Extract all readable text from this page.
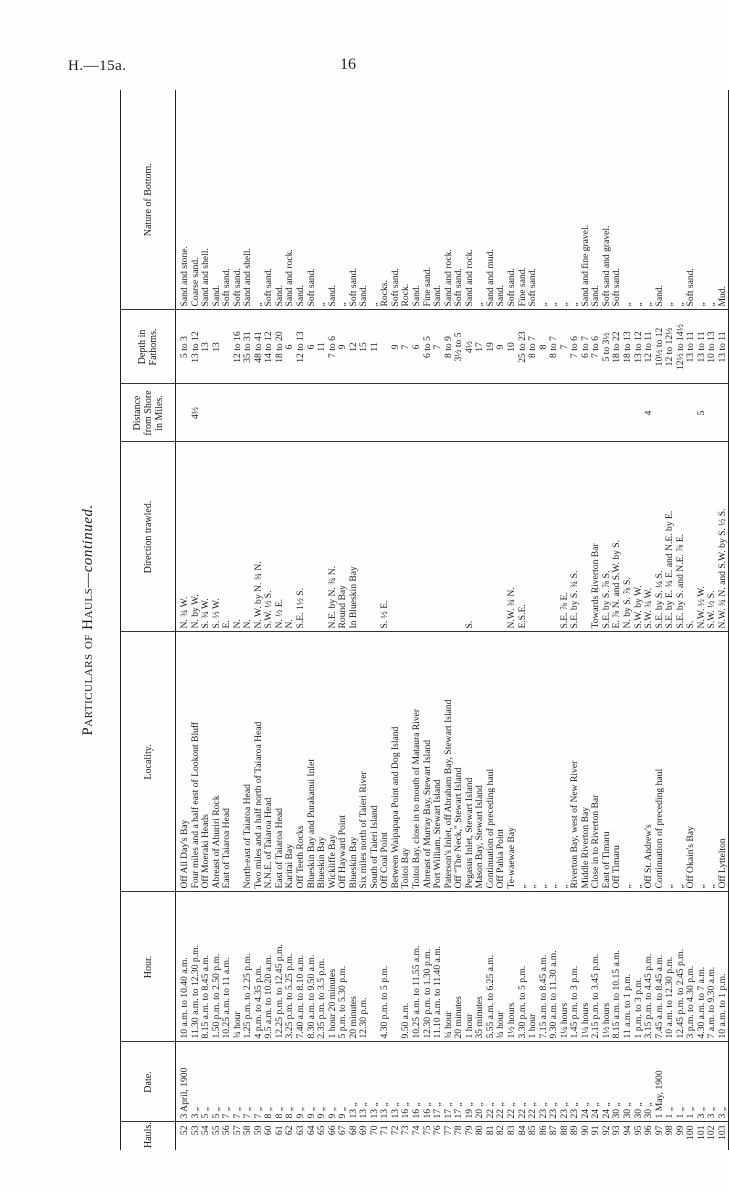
H.—15a.	16
Particulars of Hauls—continued.
Hauls.	Date.	Hour.	Locality.	Direction trawled.	Distance from Shore in Miles.	Depth in Fathoms.	Nature of Bottom.

52	3 April, 1900	10 a.m. to 10.40 a.m.	Off All Day's Bay	N. ¾ W.		5 to 3	Sand and stone.
53	3 „	11.30 a.m. to 12.30 p.m.	Four miles and a half east of Lookout Bluff	N. by W.	4½	13 to 12	Coarse sand.
54	5 „	8.15 a.m. to 8.45 a.m.	Off Moeraki Heads	S. ¾ W.		13	Sand and shell.
55	5 „	1.50 p.m. to 2.50 p.m.	Abreast of Ahuriri Rock	S. ⅓ W.		13	Sand.
56	7 „	10.25 a.m. to 11 a.m.	East of Taiaroa Head	E.			Soft sand.
57	7 „	¾ hour		N.		12 to 16	Soft sand.
58	7 „	1.25 p.m. to 2.25 p.m.	North-east of Taiaroa Head	N.		35 to 31	Sand and shell.
59	7 „	4 p.m. to 4.35 p.m.	Two miles and a half north of Taiaroa Head	N. W. by N. ¾ N.		48 to 41	„
60	8 „	9.5 a.m. to 10.20 a.m.	N.N.E. of Taiaroa Head	S.W. ½ S.		14 to 12	Soft sand.
61	8 „	12.25 p.m. to 12.45 p.m.	East of Taiaroa Head	N. ½ E.		18 to 20	Sand.
62	8 „	3.25 p.m. to 5.25 p.m.	Karitai Bay	N.		6	Sand and rock.
63	9 „	7.40 a.m. to 8.10 a.m.	Off Teeth Rocks	S.E. 1½ S.		12 to 13	Sand.
64	9 „	8.30 a.m. to 9.50 a.m.	Blueskin Bay and Purakanui Inlet			6	Soft sand.
65	9 „	2.35 p.m. to 3.5 p.m.	Blueskin Bay			11	„
66	9 „	1 hour 20 minutes	Wickliffe Bay	N.E. by N. ¾ N.		7 to 6	Sand.
67	9 „	5 p.m. to 5.30 p.m.	Off Hayward Point	Round Bay		9	„
68	13 „	20 minutes	Blueskin Bay	In Blueskin Bay		12	Soft sand.
69	13 „	12.30 p.m.	Six miles north of Taieri River			15	Sand.
70	13 „		South of Taieri Island			11	„
71	13 „	4.30 p.m. to 5 p.m.	Off Coal Point	S. ½ E.			Rocks.
72	13 „		Between Waipapapa Point and Dog Island			9	Soft sand.
73	16 „	9.50 a.m.	Toitoi Bay			7	Rock.
74	16 „	10.25 a.m. to 11.55 a.m.	Toitoi Bay, close in to mouth of Mataura River			6	Sand.
75	16 „	12.30 p.m. to 1.30 p.m.	Abreast of Murray Bay, Stewart Island			6 to 5	Fine sand.
76	17 „	11.10 a.m. to 11.40 a.m.	Port William, Stewart Island			7	Sand.
77	17 „	¾ hour	Paterson's Inlet, off Abraham Bay, Stewart Island			8 to 9	Sand and rock.
78	17 „	20 minutes	Off "The Neck," Stewart Island			3½ to 5	Soft sand.
79	19 „	1 hour	Pegasus Inlet, Stewart Island	S.		4½	Sand and rock.
80	20 „	35 minutes	Mason Bay, Stewart Island			17	„
81	22 „	5.55 a.m. to 6.25 a.m.	Continuation of preceding haul			19	Sand and mud.
82	22 „	¾ hour	Off Pahia Point			9	Sand.
83	22 „	1½ hours	Te-waewae Bay	N.W. ¾ N.		10	Soft sand.
84	22 „	3.30 p.m. to 5 p.m.	„	E.S.E.		25 to 23	Fine sand.
85	22 „	1 hour	„			8 to 7	Soft sand.
86	23 „	7.15 a.m. to 8.45 a.m.	„			8	„
87	23 „	9.30 a.m. to 11.30 a.m.	„			8 to 7	„
88	23 „	1¼ hours	„	S.E. ⅞ E.		7	„
89	23 „	1.45 p.m. to 3 p.m.	Riverton Bay, west of New River	S.E. by S. ¾ S.		7 to 6	„
90	24 „	1¼ hours	Middle Riverton Bay			6 to 7	Sand and fine gravel.
91	24 „	2.15 p.m. to 3.45 p.m.	Close in to Riverton Bar	Towards Riverton Bar		7 to 6	Sand.
92	24 „	1½ hours	East of Timaru	S.E. by S. ⅞ S.		5 to 3½	Soft sand and gravel.
93	30 „	8.15 a.m. to 10.15 a.m.	Off Timaru	E. ⅞ N. and S.W. by S.		18 to 22	Soft sand.
94	30 „	11 a.m. to 1 p.m.	„	N. by S. ⅞ S.		18 to 13	„
95	30 „	1 p.m. to 3 p.m.	„	S.W. by W.		13 to 12	„
96	30 „	3.15 p.m. to 4.45 p.m.	Off St. Andrew's	S.W. ¾ W.	4	12 to 11	„
97	1 May, 1900	7.45 a.m. to 8.45 a.m.	Continuation of preceding haul	S.E. by S. ¼ S.		10½ to 12	Sand.
98	1 „	10 a.m. to 12.30 p.m.	„	S.E. by E. ¾ E. and N.E. by E.		12 to 12½	„
99	1 „	12.45 p.m. to 2.45 p.m.	„	S.E. by S. and N.E. ⅞ E.		12½ to 14½	„
100	1 „	3 p.m. to 4.30 p.m.	Off Okain's Bay	S.		13 to 11	Soft sand.
101	3 „	4.30 a.m. to 7 a.m.	„	N.W. ½ W.	5	13 to 11	„
102	3 „	7 a.m. to 9.30 a.m.	„	S.W. ½ S.		10 to 13	„
103	3 „	10 a.m. to 1 p.m.	Off Lyttelton	N.W. ¾ N. and S.W. by S. ½ S.		13 to 11	Mud.
